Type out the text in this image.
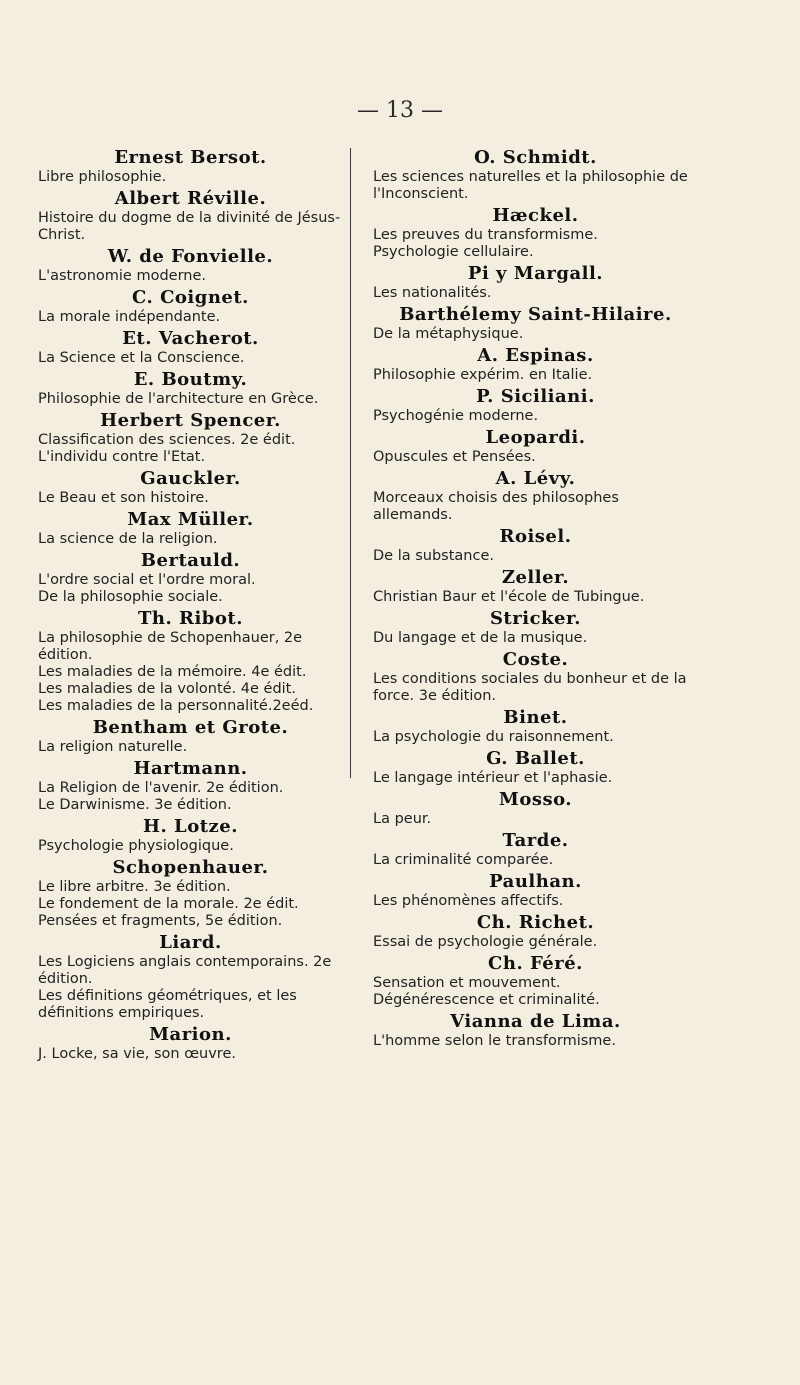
— 13 —
Ernest Bersot.
Libre philosophie.
Albert Réville.
Histoire du dogme de la divinité de Jésus-Christ.
W. de Fonvielle.
L'astronomie moderne.
C. Coignet.
La morale indépendante.
Et. Vacherot.
La Science et la Conscience.
E. Boutmy.
Philosophie de l'architecture en Grèce.
Herbert Spencer.
Classification des sciences. 2e édit.
L'individu contre l'Etat.
Gauckler.
Le Beau et son histoire.
Max Müller.
La science de la religion.
Bertauld.
L'ordre social et l'ordre moral.
De la philosophie sociale.
Th. Ribot.
La philosophie de Schopenhauer, 2e édition.
Les maladies de la mémoire. 4e édit.
Les maladies de la volonté. 4e édit.
Les maladies de la personnalité.2eéd.
Bentham et Grote.
La religion naturelle.
Hartmann.
La Religion de l'avenir. 2e édition.
Le Darwinisme. 3e édition.
H. Lotze.
Psychologie physiologique.
Schopenhauer.
Le libre arbitre. 3e édition.
Le fondement de la morale. 2e édit.
Pensées et fragments, 5e édition.
Liard.
Les Logiciens anglais contemporains. 2e édition.
Les définitions géométriques, et les définitions empiriques.
Marion.
J. Locke, sa vie, son œuvre.
O. Schmidt.
Les sciences naturelles et la philosophie de l'Inconscient.
Hæckel.
Les preuves du transformisme.
Psychologie cellulaire.
Pi y Margall.
Les nationalités.
Barthélemy Saint-Hilaire.
De la métaphysique.
A. Espinas.
Philosophie expérim. en Italie.
P. Siciliani.
Psychogénie moderne.
Leopardi.
Opuscules et Pensées.
A. Lévy.
Morceaux choisis des philosophes allemands.
Roisel.
De la substance.
Zeller.
Christian Baur et l'école de Tubingue.
Stricker.
Du langage et de la musique.
Coste.
Les conditions sociales du bonheur et de la force. 3e édition.
Binet.
La psychologie du raisonnement.
G. Ballet.
Le langage intérieur et l'aphasie.
Mosso.
La peur.
Tarde.
La criminalité comparée.
Paulhan.
Les phénomènes affectifs.
Ch. Richet.
Essai de psychologie générale.
Ch. Féré.
Sensation et mouvement.
Dégénérescence et criminalité.
Vianna de Lima.
L'homme selon le transformisme.
